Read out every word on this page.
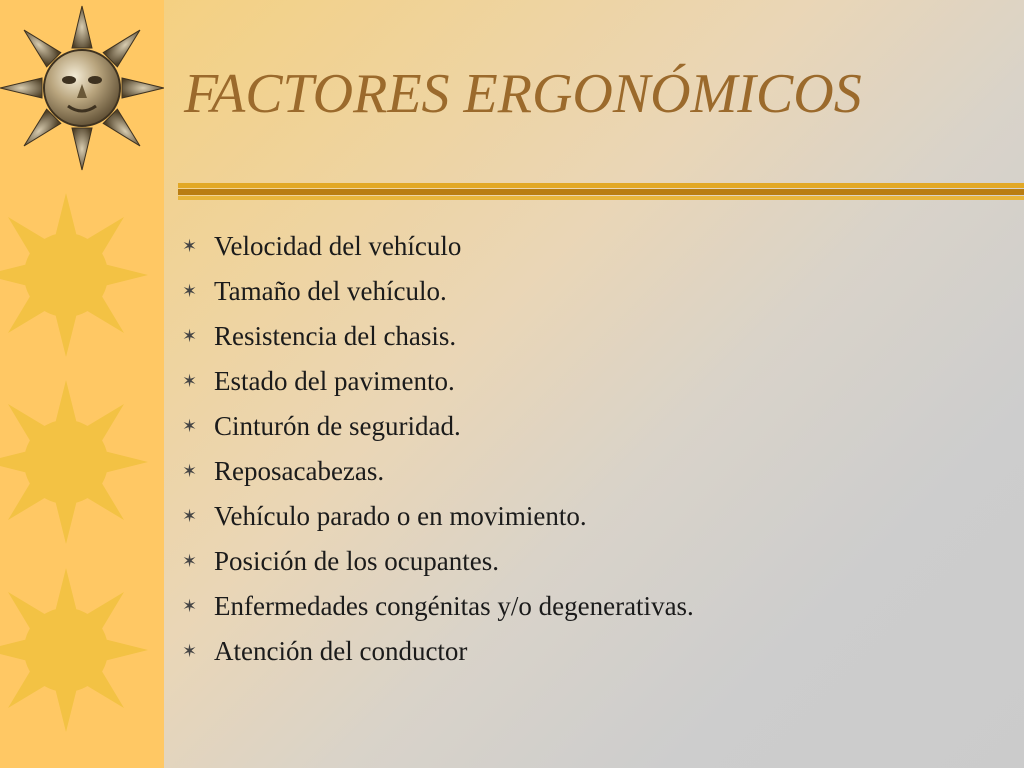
FACTORES ERGONÓMICOS
✶ Velocidad del vehículo
✶ Tamaño del vehículo.
✶ Resistencia del chasis.
✶ Estado del pavimento.
✶ Cinturón de seguridad.
✶ Reposacabezas.
✶ Vehículo parado o en movimiento.
✶ Posición de los ocupantes.
✶ Enfermedades congénitas y/o degenerativas.
✶ Atención del conductor
